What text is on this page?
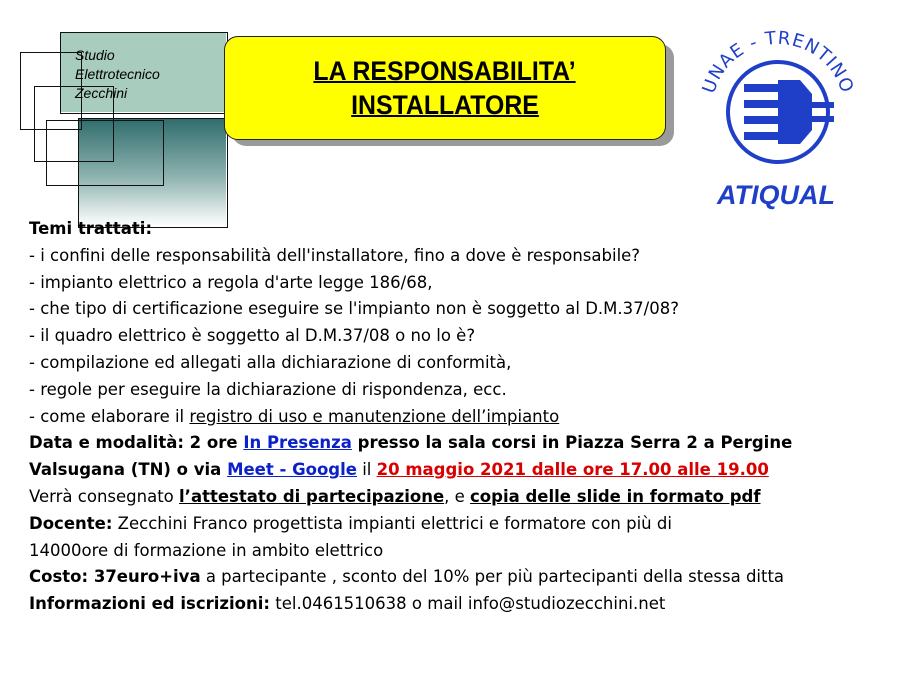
Studio
Elettrotecnico
Zecchini
LA RESPONSABILITA’
INSTALLATORE
UNAE - TRENTINO
ATIQUAL
Temi trattati:
- i confini delle responsabilità dell'installatore, fino a dove è responsabile?
- impianto elettrico a regola d'arte legge 186/68,
- che tipo di certificazione eseguire se l'impianto non è soggetto al D.M.37/08?
- il quadro elettrico è soggetto al D.M.37/08 o no lo è?
- compilazione ed allegati alla dichiarazione di conformità,
- regole per eseguire la dichiarazione di rispondenza, ecc.
- come elaborare il registro di uso e manutenzione dell’impianto
Data e modalità: 2 ore In Presenza presso la sala corsi in Piazza Serra 2 a Pergine
Valsugana (TN) o via Meet - Google il 20 maggio 2021 dalle ore 17.00 alle 19.00
Verrà consegnato l’attestato di partecipazione, e copia delle slide in formato pdf
Docente: Zecchini Franco progettista impianti elettrici e formatore con più di
14000ore di formazione in ambito elettrico
Costo: 37euro+iva a partecipante , sconto del 10% per più partecipanti della stessa ditta
Informazioni ed iscrizioni: tel.0461510638 o mail info@studiozecchini.net
